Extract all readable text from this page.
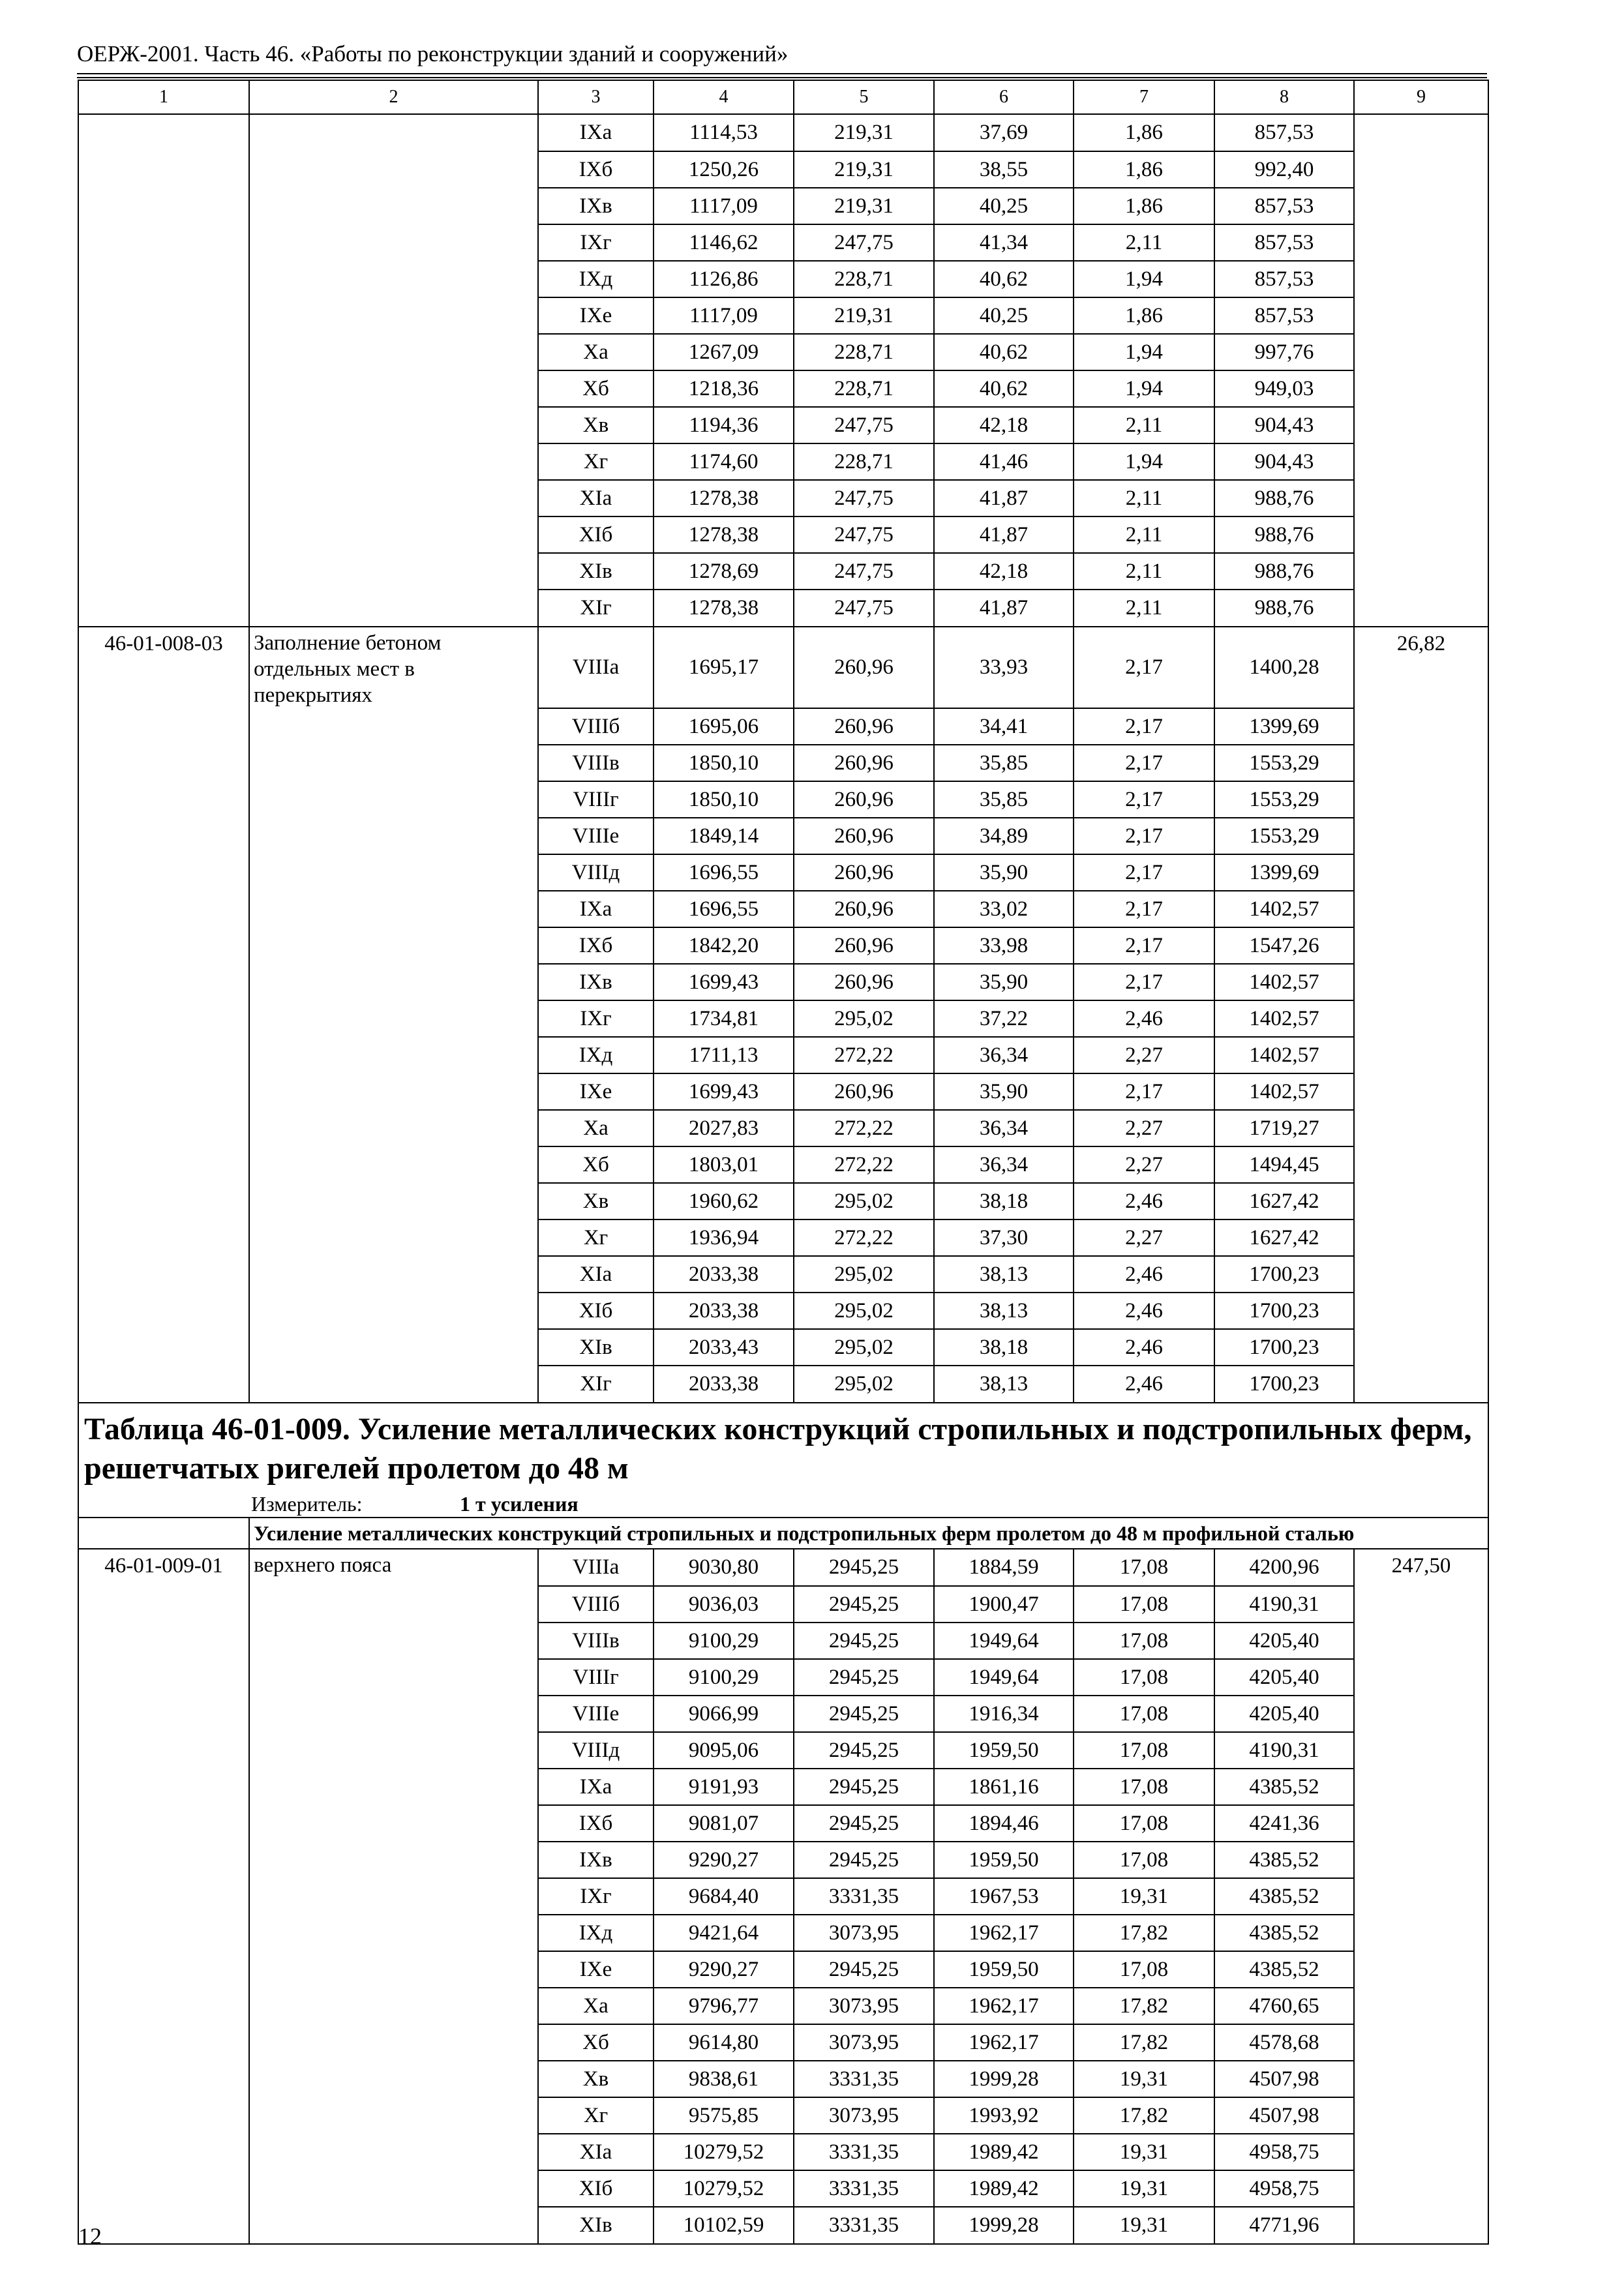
ОЕРЖ-2001. Часть 46. «Работы по реконструкции зданий и сооружений»
1	2	3	4	5	6	7	8	9
		IXа	1114,53	219,31	37,69	1,86	857,53	
		IXб	1250,26	219,31	38,55	1,86	992,40	
		IXв	1117,09	219,31	40,25	1,86	857,53	
		IXг	1146,62	247,75	41,34	2,11	857,53	
		IXд	1126,86	228,71	40,62	1,94	857,53	
		IXе	1117,09	219,31	40,25	1,86	857,53	
		Xа	1267,09	228,71	40,62	1,94	997,76	
		Xб	1218,36	228,71	40,62	1,94	949,03	
		Xв	1194,36	247,75	42,18	2,11	904,43	
		Xг	1174,60	228,71	41,46	1,94	904,43	
		XIа	1278,38	247,75	41,87	2,11	988,76	
		XIб	1278,38	247,75	41,87	2,11	988,76	
		XIв	1278,69	247,75	42,18	2,11	988,76	
		XIг	1278,38	247,75	41,87	2,11	988,76	
46-01-008-03	Заполнение бетоном отдельных мест в перекрытиях	VIIIа	1695,17	260,96	33,93	2,17	1400,28	26,82
		VIIIб	1695,06	260,96	34,41	2,17	1399,69	
		VIIIв	1850,10	260,96	35,85	2,17	1553,29	
		VIIIг	1850,10	260,96	35,85	2,17	1553,29	
		VIIIе	1849,14	260,96	34,89	2,17	1553,29	
		VIIIд	1696,55	260,96	35,90	2,17	1399,69	
		IXа	1696,55	260,96	33,02	2,17	1402,57	
		IXб	1842,20	260,96	33,98	2,17	1547,26	
		IXв	1699,43	260,96	35,90	2,17	1402,57	
		IXг	1734,81	295,02	37,22	2,46	1402,57	
		IXд	1711,13	272,22	36,34	2,27	1402,57	
		IXе	1699,43	260,96	35,90	2,17	1402,57	
		Xа	2027,83	272,22	36,34	2,27	1719,27	
		Xб	1803,01	272,22	36,34	2,27	1494,45	
		Xв	1960,62	295,02	38,18	2,46	1627,42	
		Xг	1936,94	272,22	37,30	2,27	1627,42	
		XIа	2033,38	295,02	38,13	2,46	1700,23	
		XIб	2033,38	295,02	38,13	2,46	1700,23	
		XIв	2033,43	295,02	38,18	2,46	1700,23	
		XIг	2033,38	295,02	38,13	2,46	1700,23	
Таблица 46-01-009. Усиление металлических конструкций стропильных и подстропильных ферм, решетчатых ригелей пролетом до 48 м								
Измеритель: 1 т усиления								
	Усиление металлических конструкций стропильных и подстропильных ферм пролетом до 48 м профильной сталью							
46-01-009-01	верхнего пояса	VIIIа	9030,80	2945,25	1884,59	17,08	4200,96	247,50
		VIIIб	9036,03	2945,25	1900,47	17,08	4190,31	
		VIIIв	9100,29	2945,25	1949,64	17,08	4205,40	
		VIIIг	9100,29	2945,25	1949,64	17,08	4205,40	
		VIIIе	9066,99	2945,25	1916,34	17,08	4205,40	
		VIIIд	9095,06	2945,25	1959,50	17,08	4190,31	
		IXа	9191,93	2945,25	1861,16	17,08	4385,52	
		IXб	9081,07	2945,25	1894,46	17,08	4241,36	
		IXв	9290,27	2945,25	1959,50	17,08	4385,52	
		IXг	9684,40	3331,35	1967,53	19,31	4385,52	
		IXд	9421,64	3073,95	1962,17	17,82	4385,52	
		IXе	9290,27	2945,25	1959,50	17,08	4385,52	
		Xа	9796,77	3073,95	1962,17	17,82	4760,65	
		Xб	9614,80	3073,95	1962,17	17,82	4578,68	
		Xв	9838,61	3331,35	1999,28	19,31	4507,98	
		Xг	9575,85	3073,95	1993,92	17,82	4507,98	
		XIа	10279,52	3331,35	1989,42	19,31	4958,75	
		XIб	10279,52	3331,35	1989,42	19,31	4958,75	
		XIв	10102,59	3331,35	1999,28	19,31	4771,96	
12
